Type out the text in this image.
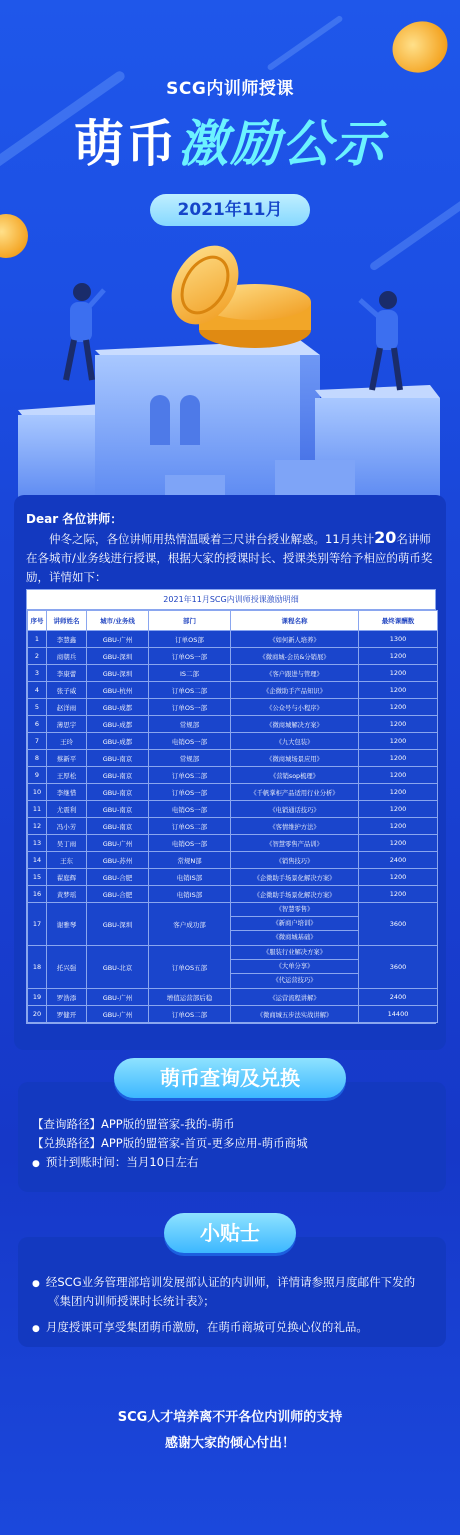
SCG内训师授课
萌币激励公示
2021年11月
Dear 各位讲师：
仲冬之际，各位讲师用热情温暖着三尺讲台授业解惑。11月共计20名讲师在各城市/业务线进行授课，根据大家的授课时长、授课类别等给予相应的萌币奖励，详情如下：
2021年11月SCG内训师授课激励明细
序号	讲师姓名	城市/业务线	部门	课程名称	最终课酬数
1	李慧鑫	GBU-广州	订单OS部	《如何新人培养》	1300
2	商朝兵	GBU-深圳	订单OS一部	《微商城-会员&分销展》	1200
3	李康蕾	GBU-深圳	IS二部	《客户跟进与管理》	1200
4	张子威	GBU-杭州	订单OS二部	《企微助手产品知识》	1200
5	赵洋雨	GBU-成都	订单OS一部	《公众号与小程序》	1200
6	薄思宇	GBU-成都	常规部	《微商城解决方案》	1200
7	王玲	GBU-成都	电销OS一部	《九大包装》	1200
8	蔡新平	GBU-南京	常规部	《微商城场景应用》	1200
9	王厚松	GBU-南京	订单OS二部	《营销sop梳理》	1200
10	李继惜	GBU-南京	订单OS一部	《千帆掌柜产品适用行业分析》	1200
11	尤震利	GBU-南京	电销OS一部	《电销通话技巧》	1200
12	冯小芳	GBU-南京	订单OS二部	《客情维护方法》	1200
13	吴丁雨	GBU-广州	电销OS一部	《智慧零售产品训》	1200
14	王东	GBU-苏州	常规N部	《销售技巧》	2400
15	翟庭辉	GBU-合肥	电销IS部	《企微助手场景化解决方案》	1200
16	黄梦瑶	GBU-合肥	电销IS部	《企微助手场景化解决方案》	1200
17	谢雅琴	GBU-深圳	客户成功部	《智慧零售》
《新商户培训》
《微商城基础》	3600
18	托兴强	GBU-北京	订单OS五部	《服装行业解决方案》
《大单分享》
《代运营技巧》	3600
19	罗浩添	GBU-广州	增值运营部后稳	《运营流程讲解》	2400
20	罗健开	GBU-广州	订单OS二部	《微商城五步法实战讲解》	14400
萌币查询及兑换
【查询路径】APP版的盟管家-我的-萌币
【兑换路径】APP版的盟管家-首页-更多应用-萌币商城
● 预计到账时间：当月10日左右
小贴士
● 经SCG业务管理部培训发展部认证的内训师，详情请参照月度邮件下发的
《集团内训师授课时长统计表》；
● 月度授课可享受集团萌币激励，在萌币商城可兑换心仪的礼品。
SCG人才培养离不开各位内训师的支持
感谢大家的倾心付出！
